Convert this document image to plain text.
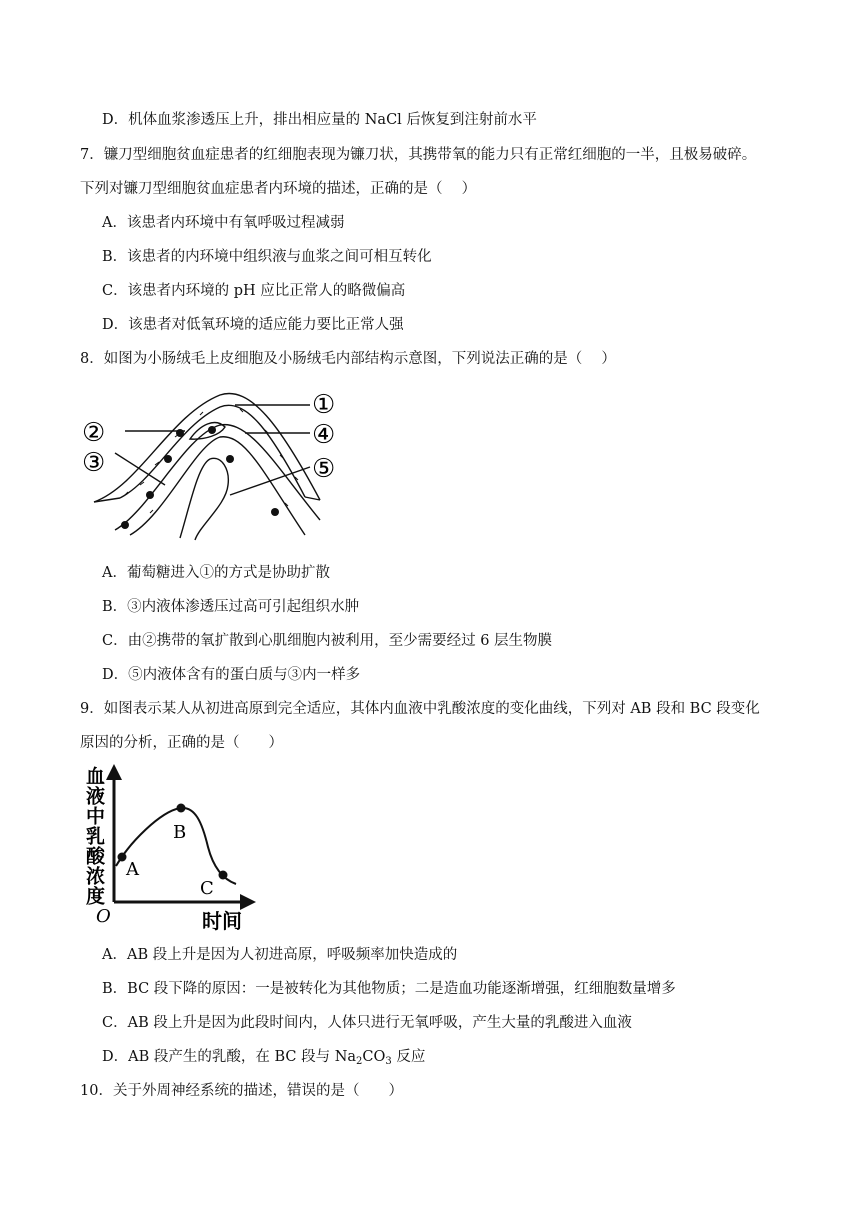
D．机体血浆渗透压上升，排出相应量的 NaCl 后恢复到注射前水平
7．镰刀型细胞贫血症患者的红细胞表现为镰刀状，其携带氧的能力只有正常红细胞的一半，且极易破碎。
下列对镰刀型细胞贫血症患者内环境的描述，正确的是（　 ）
A．该患者内环境中有氧呼吸过程减弱
B．该患者的内环境中组织液与血浆之间可相互转化
C．该患者内环境的 pH 应比正常人的略微偏高
D．该患者对低氧环境的适应能力要比正常人强
8．如图为小肠绒毛上皮细胞及小肠绒毛内部结构示意图，下列说法正确的是（　 ）
①
②
③
④
⑤
A．葡萄糖进入①的方式是协助扩散
B．③内液体渗透压过高可引起组织水肿
C．由②携带的氧扩散到心肌细胞内被利用，至少需要经过 6 层生物膜
D．⑤内液体含有的蛋白质与③内一样多
9．如图表示某人从初进高原到完全适应，其体内血液中乳酸浓度的变化曲线，下列对 AB 段和 BC 段变化
原因的分析，正确的是（　　）
血液中乳酸浓度
O	时间
A
B
C
A．AB 段上升是因为人初进高原，呼吸频率加快造成的
B．BC 段下降的原因：一是被转化为其他物质；二是造血功能逐渐增强，红细胞数量增多
C．AB 段上升是因为此段时间内，人体只进行无氧呼吸，产生大量的乳酸进入血液
D．AB 段产生的乳酸，在 BC 段与 $Na_2CO_3$ 反应
10．关于外周神经系统的描述，错误的是（　　）
